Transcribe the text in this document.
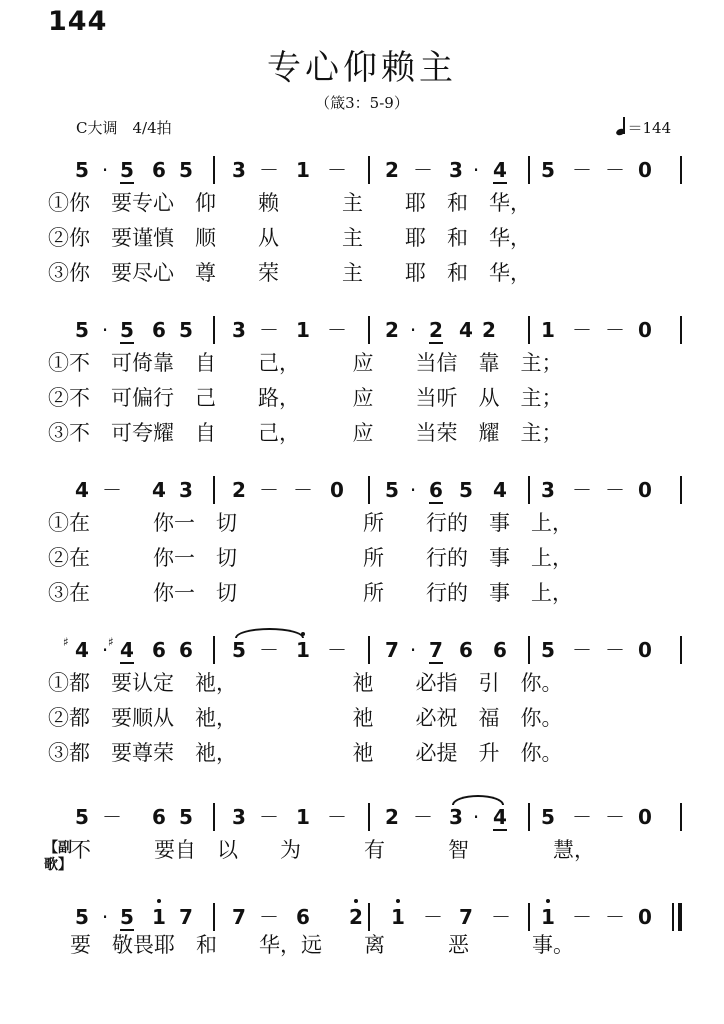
144
专心仰赖主
（箴3：5-9）
C大调　4/4拍	＝144
【副歌】
5 · 5 6 5 3 － 1 － 2 － 3 · 4 5 － － 0
①你　要专心　仰　　赖　　　主　　耶　和　华，
②你　要谨慎　顺　　从　　　主　　耶　和　华，
③你　要尽心　尊　　荣　　　主　　耶　和　华，
5 · 5 6 5 3 － 1 － 2 · 2 4 2 1 － － 0
①不　可倚靠　自　　己，　　　应　　当信　靠　主；
②不　可偏行　己　　路，　　　应　　当听　从　主；
③不　可夸耀　自　　己，　　　应　　当荣　耀　主；
4 － 4 3 2 － － 0 5 · 6 5 4 3 － － 0
①在　　　你一　切　　　　　　所　　行的　事　上，
②在　　　你一　切　　　　　　所　　行的　事　上，
③在　　　你一　切　　　　　　所　　行的　事　上，
4
♯	· 4
♯ 6 6 5 － 1 － 7 · 7 6 6 5 － － 0
①都　要认定　祂，　　　　　　祂　　必指　引　你。
②都　要顺从　祂，　　　　　　祂　　必祝　福　你。
③都　要尊荣　祂，　　　　　　祂　　必提　升　你。
5 － 6 5 3 － 1 － 2 － 3 · 4 5 － － 0
不　　　要自　以　　为　　　有　　　智　　　　慧，
5 · 5 1 7 7 － 6 2 1 － 7 － 1 － － 0
要　敬畏耶　和　　华，远　　离　　　恶　　　事。
